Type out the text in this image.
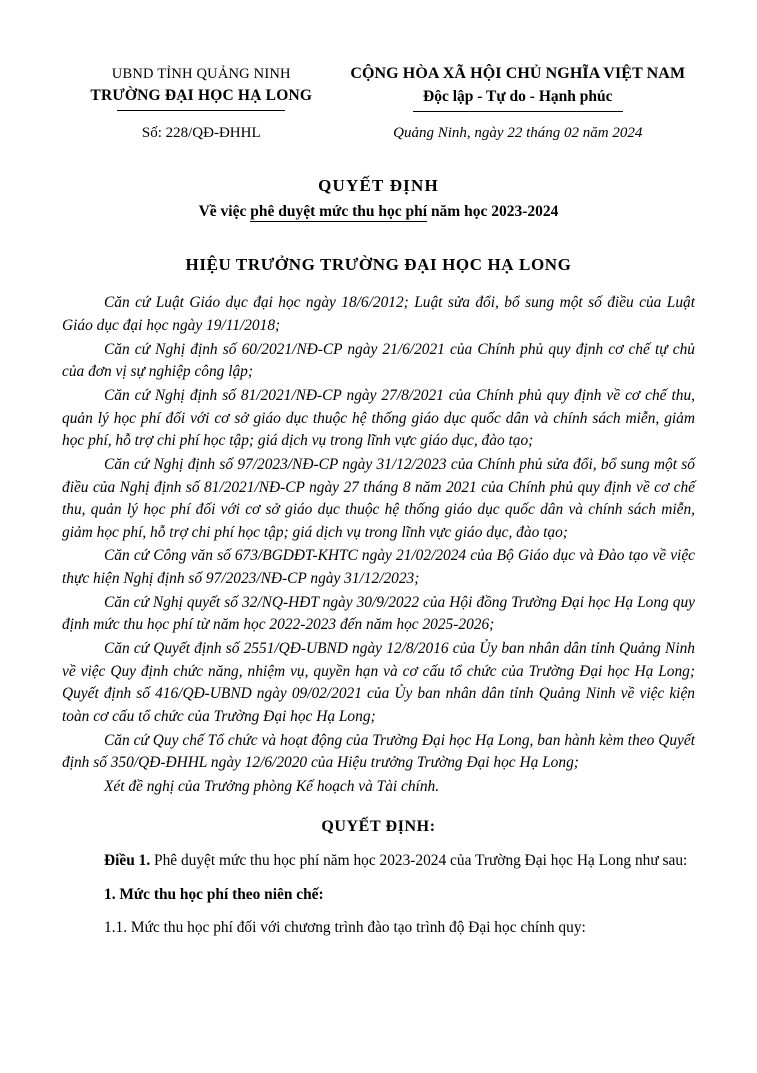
UBND TỈNH QUẢNG NINH
TRƯỜNG ĐẠI HỌC HẠ LONG
CỘNG HÒA XÃ HỘI CHỦ NGHĨA VIỆT NAM
Độc lập - Tự do - Hạnh phúc
Số: 228/QĐ-ĐHHL	Quảng Ninh, ngày 22 tháng 02 năm 2024
QUYẾT ĐỊNH
Về việc phê duyệt mức thu học phí năm học 2023-2024
HIỆU TRƯỞNG TRƯỜNG ĐẠI HỌC HẠ LONG
Căn cứ Luật Giáo dục đại học ngày 18/6/2012; Luật sửa đổi, bổ sung một số điều của Luật Giáo dục đại học ngày 19/11/2018;
Căn cứ Nghị định số 60/2021/NĐ-CP ngày 21/6/2021 của Chính phủ quy định cơ chế tự chủ của đơn vị sự nghiệp công lập;
Căn cứ Nghị định số 81/2021/NĐ-CP ngày 27/8/2021 của Chính phủ quy định về cơ chế thu, quản lý học phí đối với cơ sở giáo dục thuộc hệ thống giáo dục quốc dân và chính sách miễn, giảm học phí, hỗ trợ chi phí học tập; giá dịch vụ trong lĩnh vực giáo dục, đào tạo;
Căn cứ Nghị định số 97/2023/NĐ-CP ngày 31/12/2023 của Chính phủ sửa đổi, bổ sung một số điều của Nghị định số 81/2021/NĐ-CP ngày 27 tháng 8 năm 2021 của Chính phủ quy định về cơ chế thu, quản lý học phí đối với cơ sở giáo dục thuộc hệ thống giáo dục quốc dân và chính sách miễn, giảm học phí, hỗ trợ chi phí học tập; giá dịch vụ trong lĩnh vực giáo dục, đào tạo;
Căn cứ Công văn số 673/BGDĐT-KHTC ngày 21/02/2024 của Bộ Giáo dục và Đào tạo về việc thực hiện Nghị định số 97/2023/NĐ-CP ngày 31/12/2023;
Căn cứ Nghị quyết số 32/NQ-HĐT ngày 30/9/2022 của Hội đồng Trường Đại học Hạ Long quy định mức thu học phí từ năm học 2022-2023 đến năm học 2025-2026;
Căn cứ Quyết định số 2551/QĐ-UBND ngày 12/8/2016 của Ủy ban nhân dân tỉnh Quảng Ninh về việc Quy định chức năng, nhiệm vụ, quyền hạn và cơ cấu tổ chức của Trường Đại học Hạ Long; Quyết định số 416/QĐ-UBND ngày 09/02/2021 của Ủy ban nhân dân tỉnh Quảng Ninh về việc kiện toàn cơ cấu tổ chức của Trường Đại học Hạ Long;
Căn cứ Quy chế Tổ chức và hoạt động của Trường Đại học Hạ Long, ban hành kèm theo Quyết định số 350/QĐ-ĐHHL ngày 12/6/2020 của Hiệu trưởng Trường Đại học Hạ Long;
Xét đề nghị của Trưởng phòng Kế hoạch và Tài chính.
QUYẾT ĐỊNH:
Điều 1. Phê duyệt mức thu học phí năm học 2023-2024 của Trường Đại học Hạ Long như sau:
1. Mức thu học phí theo niên chế:
1.1. Mức thu học phí đối với chương trình đào tạo trình độ Đại học chính quy:
